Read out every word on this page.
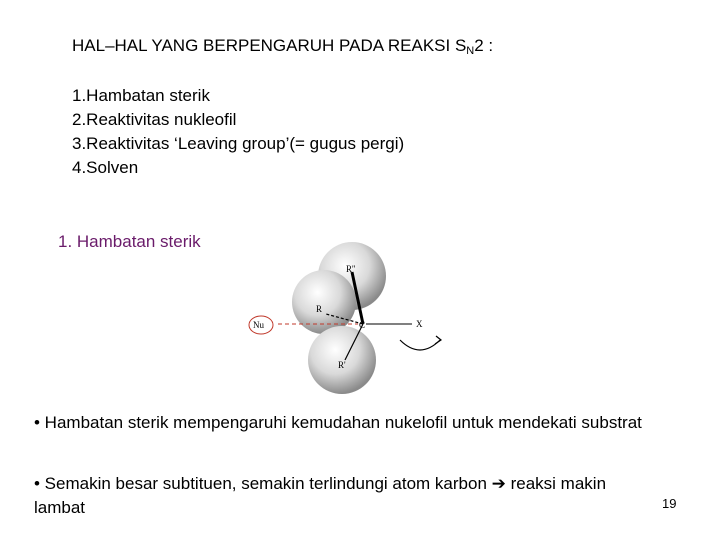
HAL–HAL YANG BERPENGARUH PADA REAKSI $S_N2$ :
1.Hambatan sterik
2.Reaktivitas nukleofil
3.Reaktivitas ‘Leaving group’(= gugus pergi)
4.Solven
1. Hambatan sterik
R''
R
R'
C	X
Nu
• Hambatan sterik mempengaruhi kemudahan nukelofil untuk mendekati substrat
• Semakin besar subtituen, semakin terlindungi atom karbon ➔ reaksi makin
lambat	19
